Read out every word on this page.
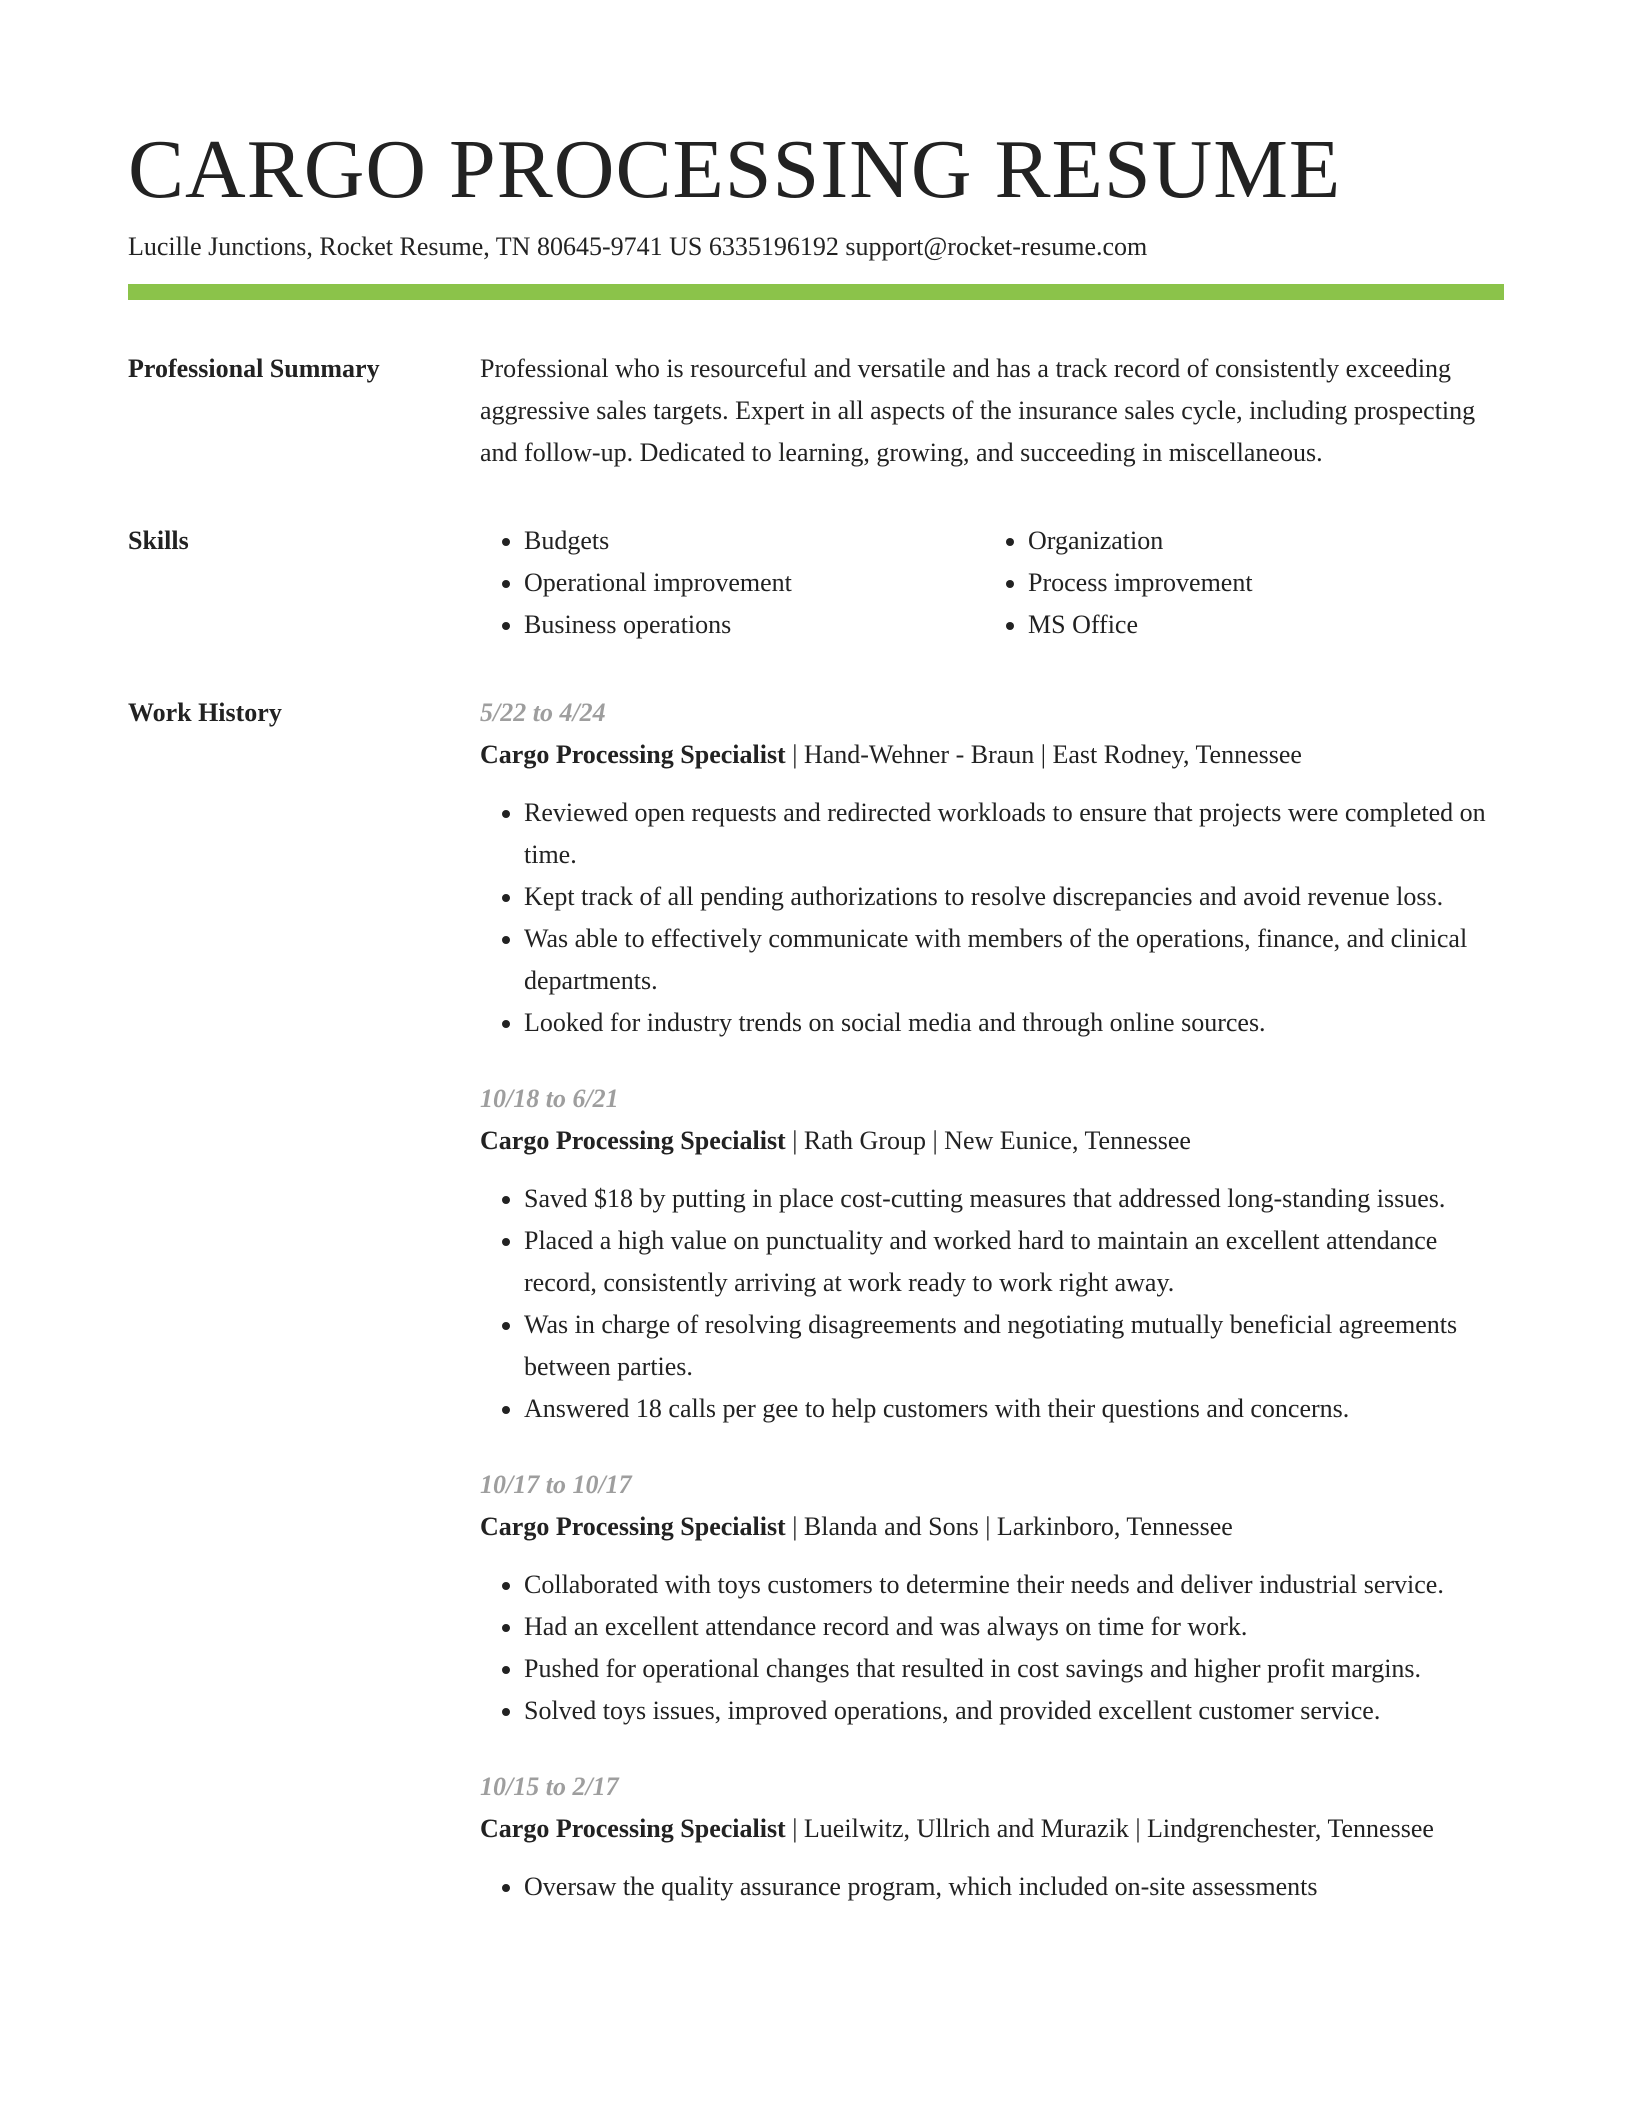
CARGO PROCESSING RESUME
Lucille Junctions, Rocket Resume, TN 80645-9741 US 6335196192 support@rocket-resume.com
Professional Summary	Professional who is resourceful and versatile and has a track record of consistently exceeding aggressive sales targets. Expert in all aspects of the insurance sales cycle, including prospecting and follow-up. Dedicated to learning, growing, and succeeding in miscellaneous.

Skills
•	Budgets
• Operational improvement
• Business operations
• Organization
• Process improvement
• MS Office
Work History	5/22 to 4/24
Cargo Processing Specialist | Hand-Wehner - Braun | East Rodney, Tennessee
• Reviewed open requests and redirected workloads to ensure that projects were completed on time.
• Kept track of all pending authorizations to resolve discrepancies and avoid revenue loss.
• Was able to effectively communicate with members of the operations, finance, and clinical departments.
• Looked for industry trends on social media and through online sources.
10/18 to 6/21
Cargo Processing Specialist | Rath Group | New Eunice, Tennessee
• Saved $18 by putting in place cost-cutting measures that addressed long-standing issues.
• Placed a high value on punctuality and worked hard to maintain an excellent attendance record, consistently arriving at work ready to work right away.
• Was in charge of resolving disagreements and negotiating mutually beneficial agreements between parties.
• Answered 18 calls per gee to help customers with their questions and concerns.
10/17 to 10/17
Cargo Processing Specialist | Blanda and Sons | Larkinboro, Tennessee
• Collaborated with toys customers to determine their needs and deliver industrial service.
• Had an excellent attendance record and was always on time for work.
• Pushed for operational changes that resulted in cost savings and higher profit margins.
• Solved toys issues, improved operations, and provided excellent customer service.
10/15 to 2/17
Cargo Processing Specialist | Lueilwitz, Ullrich and Murazik | Lindgrenchester, Tennessee
• Oversaw the quality assurance program, which included on-site assessments
